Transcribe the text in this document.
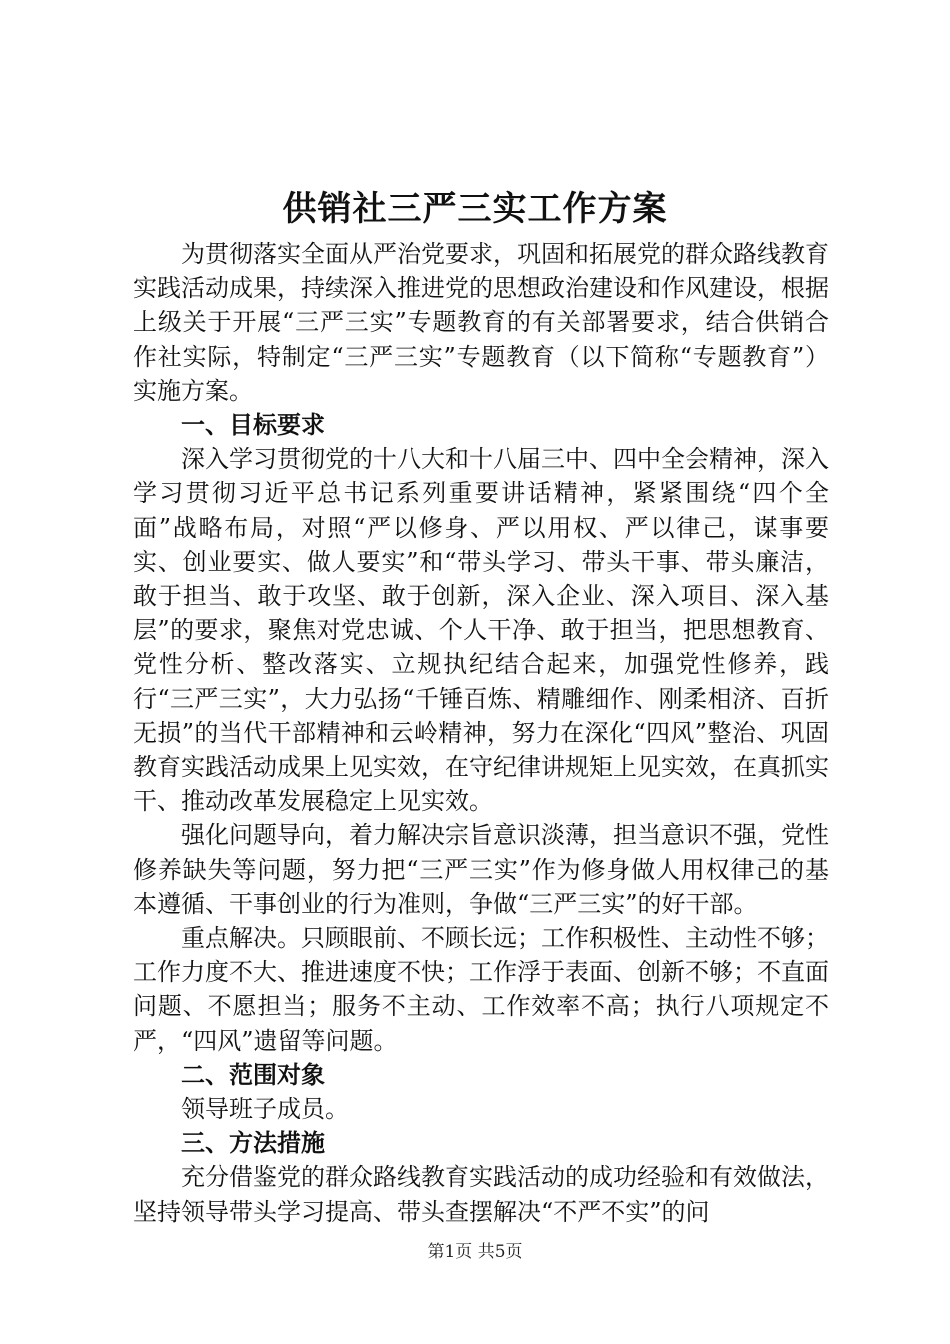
供销社三严三实工作方案

为贯彻落实全面从严治党要求，巩固和拓展党的群众路线教育实践活动成果，持续深入推进党的思想政治建设和作风建设，根据上级关于开展“三严三实”专题教育的有关部署要求，结合供销合作社实际，特制定“三严三实”专题教育（以下简称“专题教育”）实施方案。

一、目标要求

深入学习贯彻党的十八大和十八届三中、四中全会精神，深入学习贯彻习近平总书记系列重要讲话精神，紧紧围绕“四个全面”战略布局，对照“严以修身、严以用权、严以律己，谋事要实、创业要实、做人要实”和“带头学习、带头干事、带头廉洁，敢于担当、敢于攻坚、敢于创新，深入企业、深入项目、深入基层”的要求，聚焦对党忠诚、个人干净、敢于担当，把思想教育、党性分析、整改落实、立规执纪结合起来，加强党性修养，践行“三严三实”，大力弘扬“千锤百炼、精雕细作、刚柔相济、百折无损”的当代干部精神和云岭精神，努力在深化“四风”整治、巩固教育实践活动成果上见实效，在守纪律讲规矩上见实效，在真抓实干、推动改革发展稳定上见实效。

强化问题导向，着力解决宗旨意识淡薄，担当意识不强，党性修养缺失等问题，努力把“三严三实”作为修身做人用权律己的基本遵循、干事创业的行为准则，争做“三严三实”的好干部。

重点解决。只顾眼前、不顾长远；工作积极性、主动性不够；工作力度不大、推进速度不快；工作浮于表面、创新不够；不直面问题、不愿担当；服务不主动、工作效率不高；执行八项规定不严，“四风”遗留等问题。

二、范围对象

领导班子成员。

三、方法措施

充分借鉴党的群众路线教育实践活动的成功经验和有效做法，坚持领导带头学习提高、带头查摆解决“不严不实”的问

第1页 共5页
